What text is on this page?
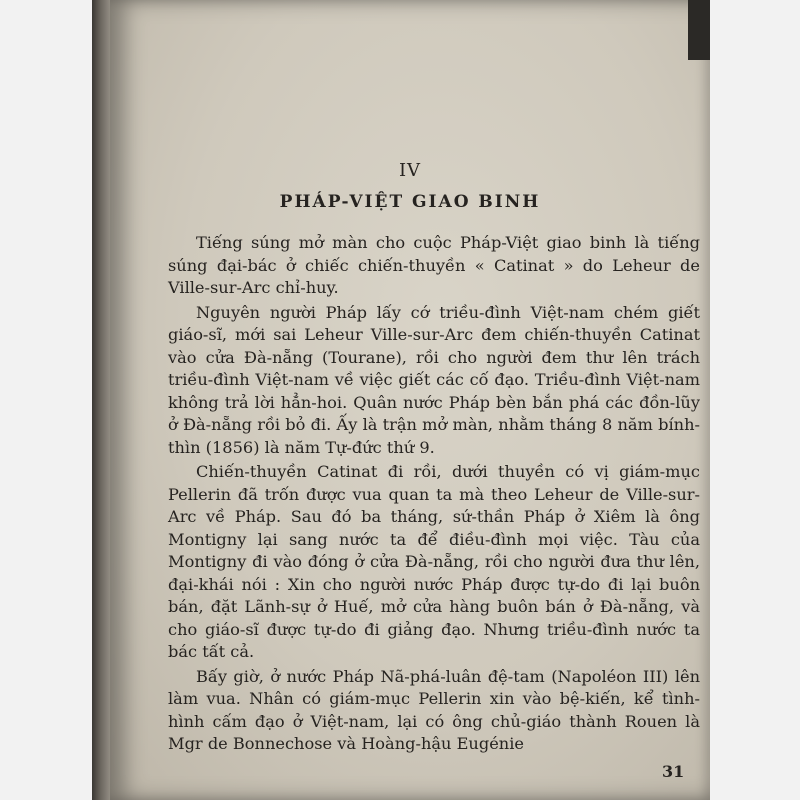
IV
PHÁP-VIỆT GIAO BINH

Tiếng súng mở màn cho cuộc Pháp-Việt giao binh là tiếng súng đại-bác ở chiếc chiến-thuyền « Catinat » do Leheur de Ville-sur-Arc chỉ-huy.

Nguyên người Pháp lấy cớ triều-đình Việt-nam chém giết giáo-sĩ, mới sai Leheur Ville-sur-Arc đem chiến-thuyền Catinat vào cửa Đà-nẵng (Tourane), rồi cho người đem thư lên trách triều-đình Việt-nam về việc giết các cố đạo. Triều-đình Việt-nam không trả lời hẳn-hoi. Quân nước Pháp bèn bắn phá các đồn-lũy ở Đà-nẵng rồi bỏ đi. Ấy là trận mở màn, nhằm tháng 8 năm bính-thìn (1856) là năm Tự-đức thứ 9.

Chiến-thuyền Catinat đi rồi, dưới thuyền có vị giám-mục Pellerin đã trốn được vua quan ta mà theo Leheur de Ville-sur-Arc về Pháp. Sau đó ba tháng, sứ-thần Pháp ở Xiêm là ông Montigny lại sang nước ta để điều-đình mọi việc. Tàu của Montigny đi vào đóng ở cửa Đà-nẵng, rồi cho người đưa thư lên, đại-khái nói : Xin cho người nước Pháp được tự-do đi lại buôn bán, đặt Lãnh-sự ở Huế, mở cửa hàng buôn bán ở Đà-nẵng, và cho giáo-sĩ được tự-do đi giảng đạo. Nhưng triều-đình nước ta bác tất cả.

Bấy giờ, ở nước Pháp Nã-phá-luân đệ-tam (Napoléon III) lên làm vua. Nhân có giám-mục Pellerin xin vào bệ-kiến, kể tình-hình cấm đạo ở Việt-nam, lại có ông chủ-giáo thành Rouen là Mgr de Bonnechose và Hoàng-hậu Eugénie

31
